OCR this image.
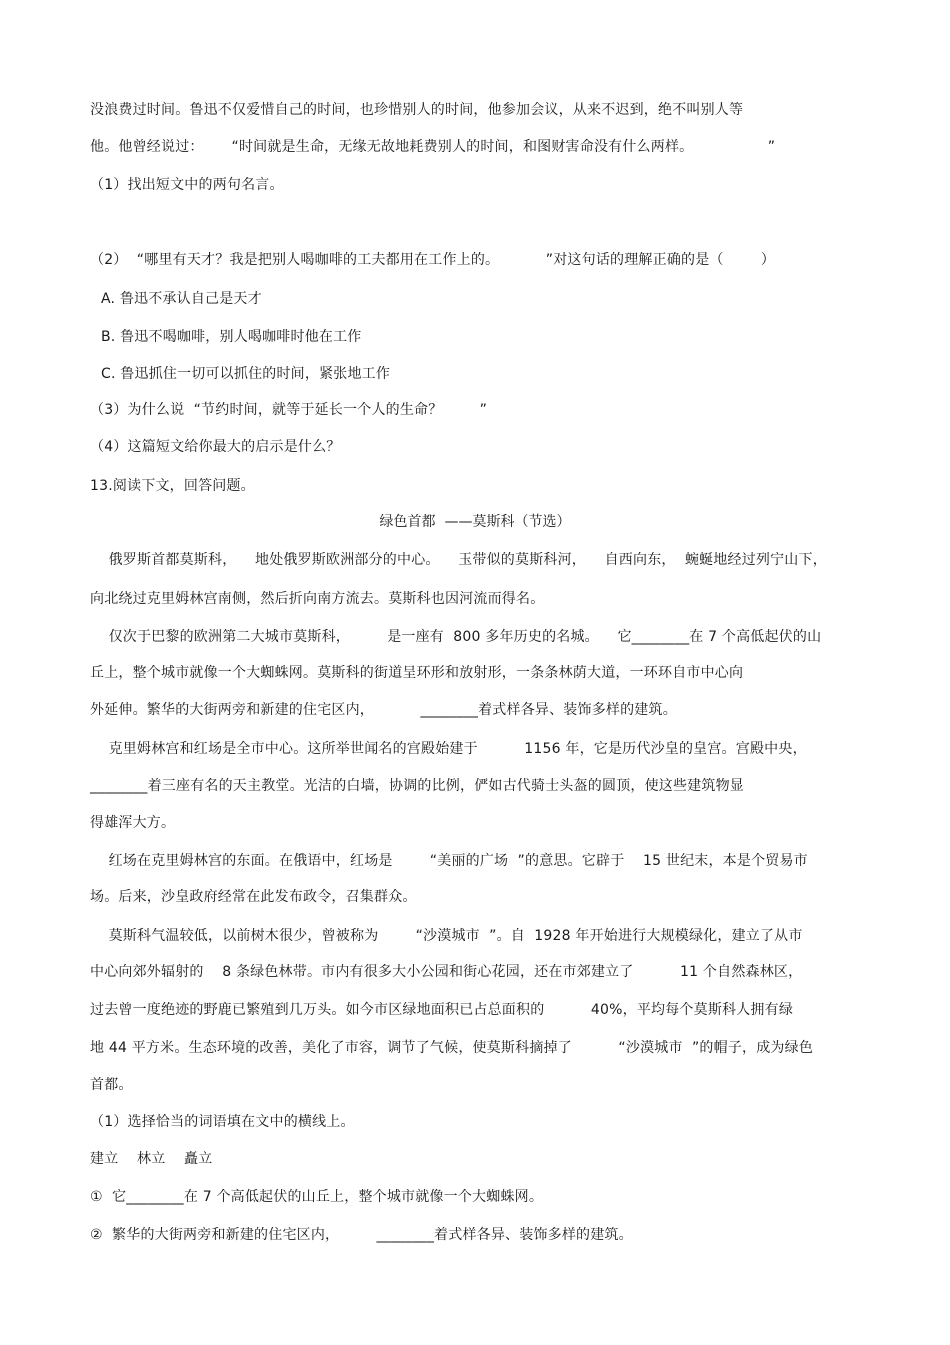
没浪费过时间。鲁迅不仅爱惜自己的时间，也珍惜别人的时间，他参加会议，从来不迟到，绝不叫别人等
他。他曾经说过：      “时间就是生命，无缘无故地耗费别人的时间，和图财害命没有什么两样。                ”
（1）找出短文中的两句名言。
（2）  “哪里有天才？我是把别人喝咖啡的工夫都用在工作上的。          ”对这句话的理解正确的是（        ）
A. 鲁迅不承认自己是天才
B. 鲁迅不喝咖啡，别人喝咖啡时他在工作
C. 鲁迅抓住一切可以抓住的时间，紧张地工作
（3）为什么说  “节约时间，就等于延长一个人的生命？        ”
（4）这篇短文给你最大的启示是什么？
13.阅读下文，回答问题。
绿色首都  ——莫斯科（节选）
俄罗斯首都莫斯科，    地处俄罗斯欧洲部分的中心。    玉带似的莫斯科河，    自西向东，  蜿蜒地经过列宁山下，
向北绕过克里姆林宫南侧，然后折向南方流去。莫斯科也因河流而得名。
仅次于巴黎的欧洲第二大城市莫斯科，        是一座有  800 多年历史的名城。    它________在 7 个高低起伏的山
丘上，整个城市就像一个大蜘蛛网。莫斯科的街道呈环形和放射形，一条条林荫大道，一环环自市中心向
外延伸。繁华的大街两旁和新建的住宅区内，          ________着式样各异、装饰多样的建筑。
克里姆林宫和红场是全市中心。这所举世闻名的宫殿始建于          1156 年，它是历代沙皇的皇宫。宫殿中央，
________着三座有名的天主教堂。光洁的白墙，协调的比例，俨如古代骑士头盔的圆顶，使这些建筑物显
得雄浑大方。
红场在克里姆林宫的东面。在俄语中，红场是        “美丽的广场  ”的意思。它辟于    15 世纪末，本是个贸易市
场。后来，沙皇政府经常在此发布政令，召集群众。
莫斯科气温较低，以前树木很少，曾被称为        “沙漠城市  ”。自  1928 年开始进行大规模绿化，建立了从市
中心向郊外辐射的    8 条绿色林带。市内有很多大小公园和街心花园，还在市郊建立了          11 个自然森林区，
过去曾一度绝迹的野鹿已繁殖到几万头。如今市区绿地面积已占总面积的          40%，平均每个莫斯科人拥有绿
地 44 平方米。生态环境的改善，美化了市容，调节了气候，使莫斯科摘掉了          “沙漠城市  ”的帽子，成为绿色
首都。
（1）选择恰当的词语填在文中的横线上。
建立    林立    矗立
①  它________在 7 个高低起伏的山丘上，整个城市就像一个大蜘蛛网。
②  繁华的大街两旁和新建的住宅区内，        ________着式样各异、装饰多样的建筑。
